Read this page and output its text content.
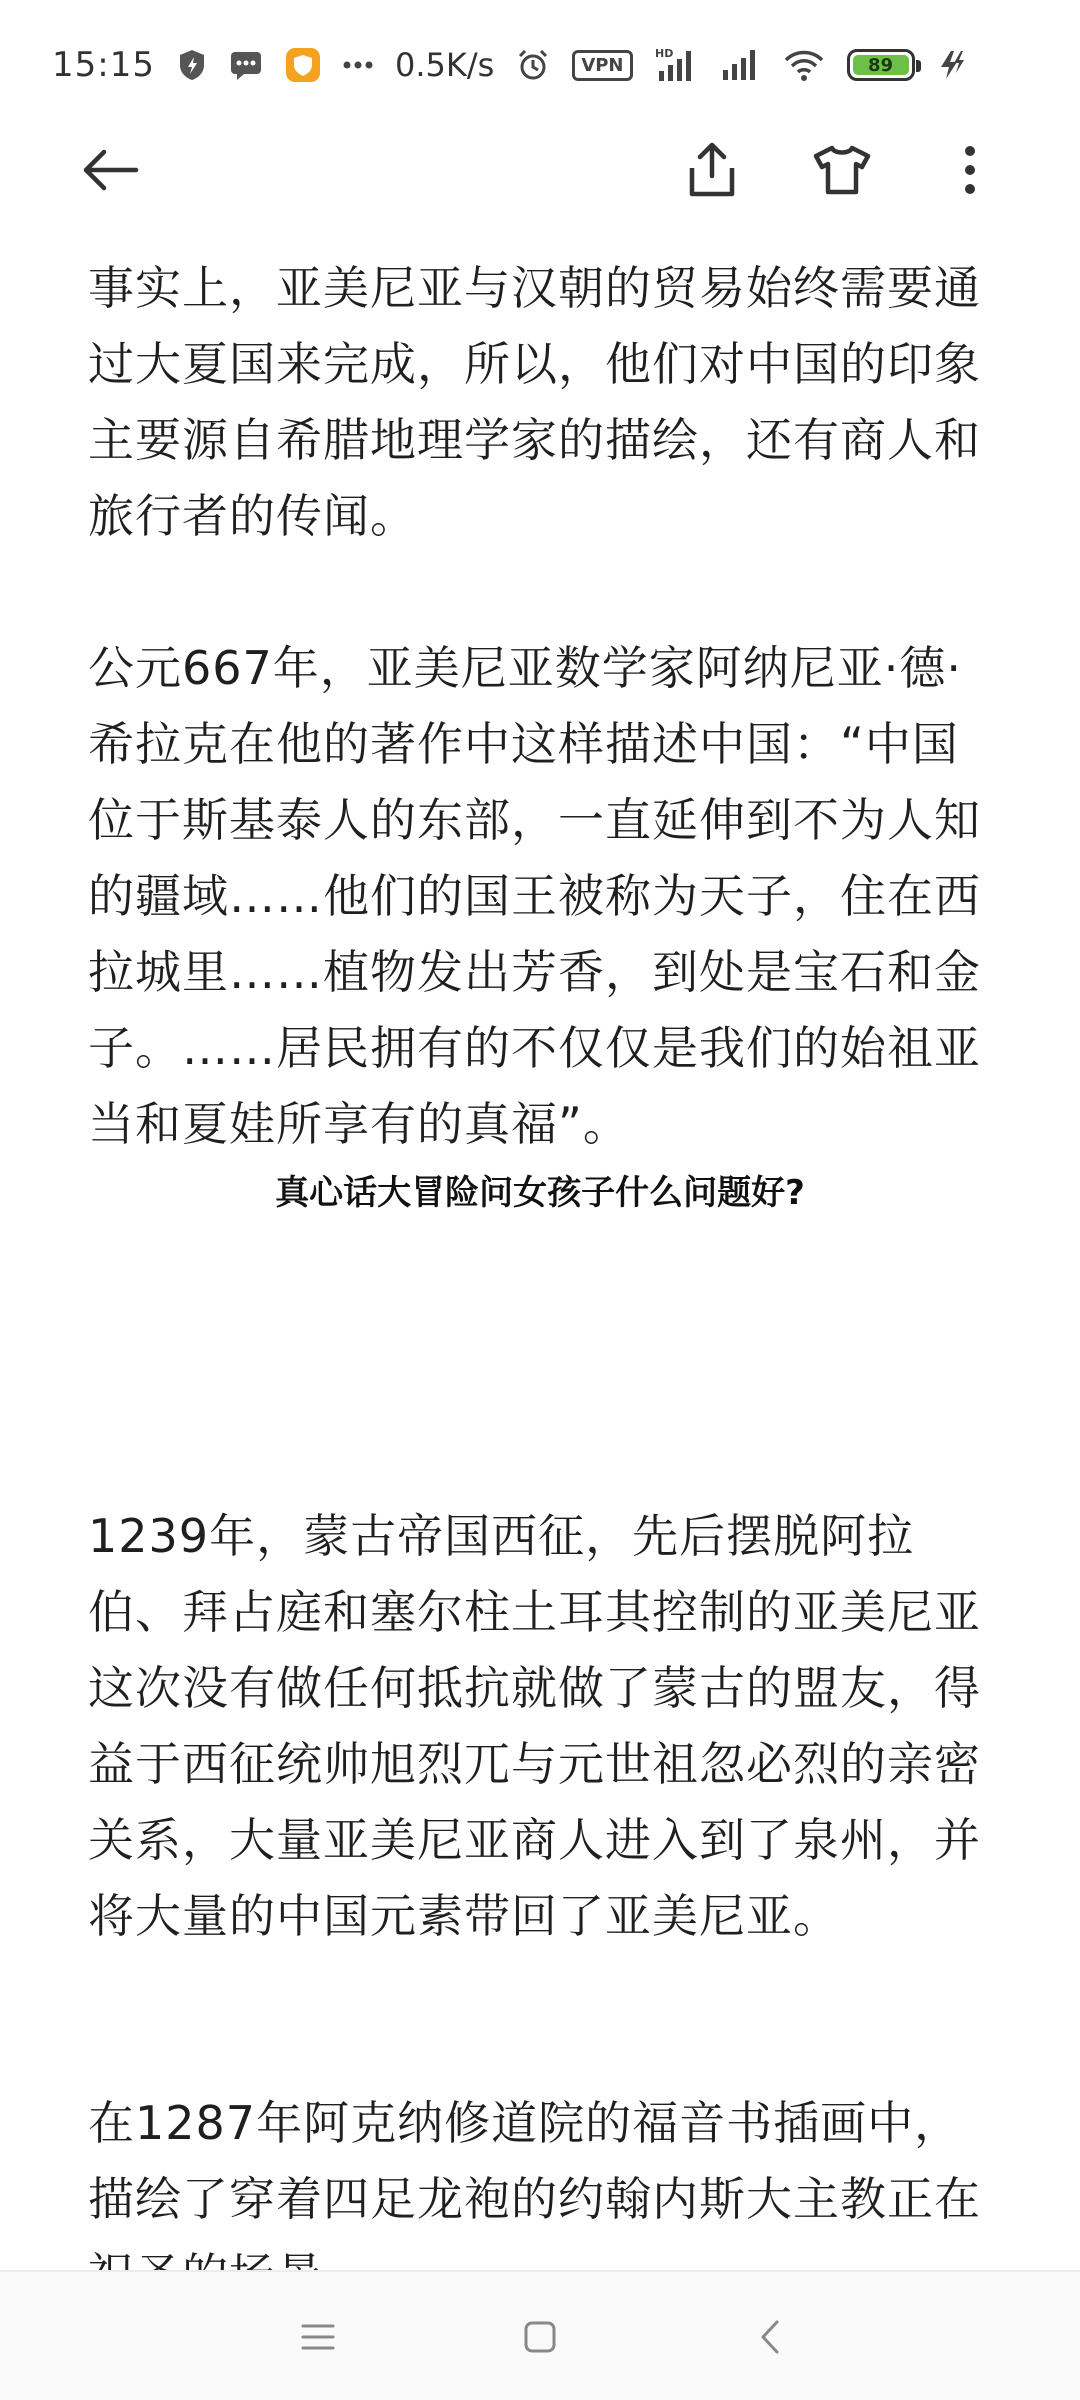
15:15	0.5K/s	VPN
HD
89

事实上，亚美尼亚与汉朝的贸易始终需要通过大夏国来完成，所以，他们对中国的印象主要源自希腊地理学家的描绘，还有商人和旅行者的传闻。

公元667年，亚美尼亚数学家阿纳尼亚·德·希拉克在他的著作中这样描述中国：“中国位于斯基泰人的东部，一直延伸到不为人知的疆域……他们的国王被称为天子，住在西拉城里……植物发出芳香，到处是宝石和金子。……居民拥有的不仅仅是我们的始祖亚当和夏娃所享有的真福”。

1239年，蒙古帝国西征，先后摆脱阿拉伯、拜占庭和塞尔柱土耳其控制的亚美尼亚这次没有做任何抵抗就做了蒙古的盟友，得益于西征统帅旭烈兀与元世祖忽必烈的亲密关系，大量亚美尼亚商人进入到了泉州，并将大量的中国元素带回了亚美尼亚。

在1287年阿克纳修道院的福音书插画中，描绘了穿着四足龙袍的约翰内斯大主教正在

真心话大冒险问女孩子什么问题好?
